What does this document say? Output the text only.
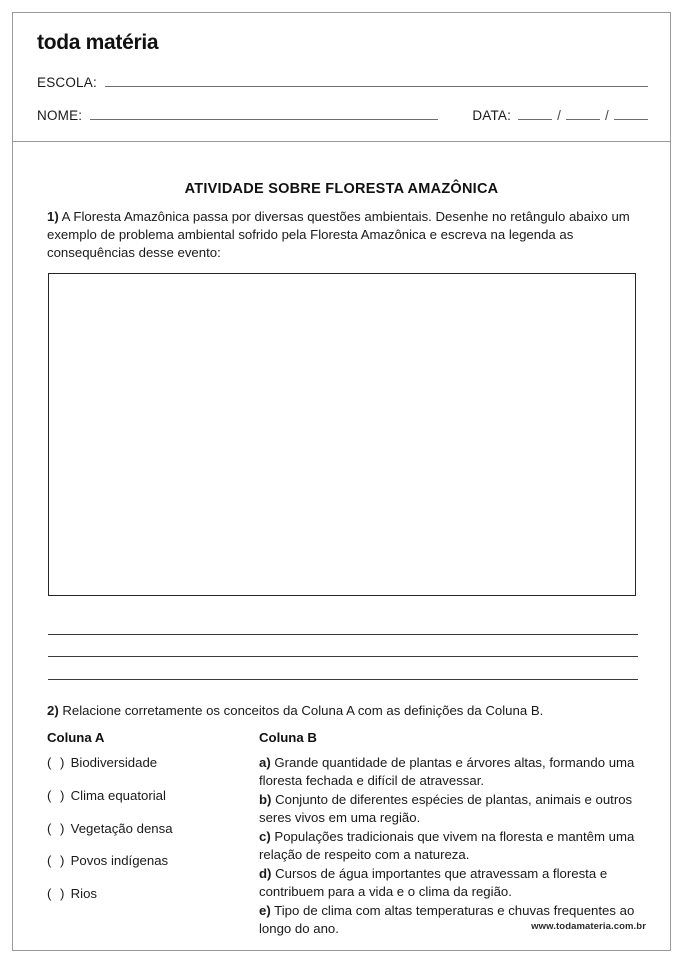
toda matéria
ESCOLA:
NOME:	DATA:	/	/
ATIVIDADE SOBRE FLORESTA AMAZÔNICA
1) A Floresta Amazônica passa por diversas questões ambientais. Desenhe no retângulo abaixo um exemplo de problema ambiental sofrido pela Floresta Amazônica e escreva na legenda as consequências desse evento:
2) Relacione corretamente os conceitos da Coluna A com as definições da Coluna B.
Coluna A
( ) Biodiversidade
( ) Clima equatorial
( ) Vegetação densa
( ) Povos indígenas
( ) Rios
Coluna B
a) Grande quantidade de plantas e árvores altas, formando uma floresta fechada e difícil de atravessar.
b) Conjunto de diferentes espécies de plantas, animais e outros seres vivos em uma região.
c) Populações tradicionais que vivem na floresta e mantêm uma relação de respeito com a natureza.
d) Cursos de água importantes que atravessam a floresta e contribuem para a vida e o clima da região.
e) Tipo de clima com altas temperaturas e chuvas frequentes ao longo do ano.	www.todamateria.com.br
